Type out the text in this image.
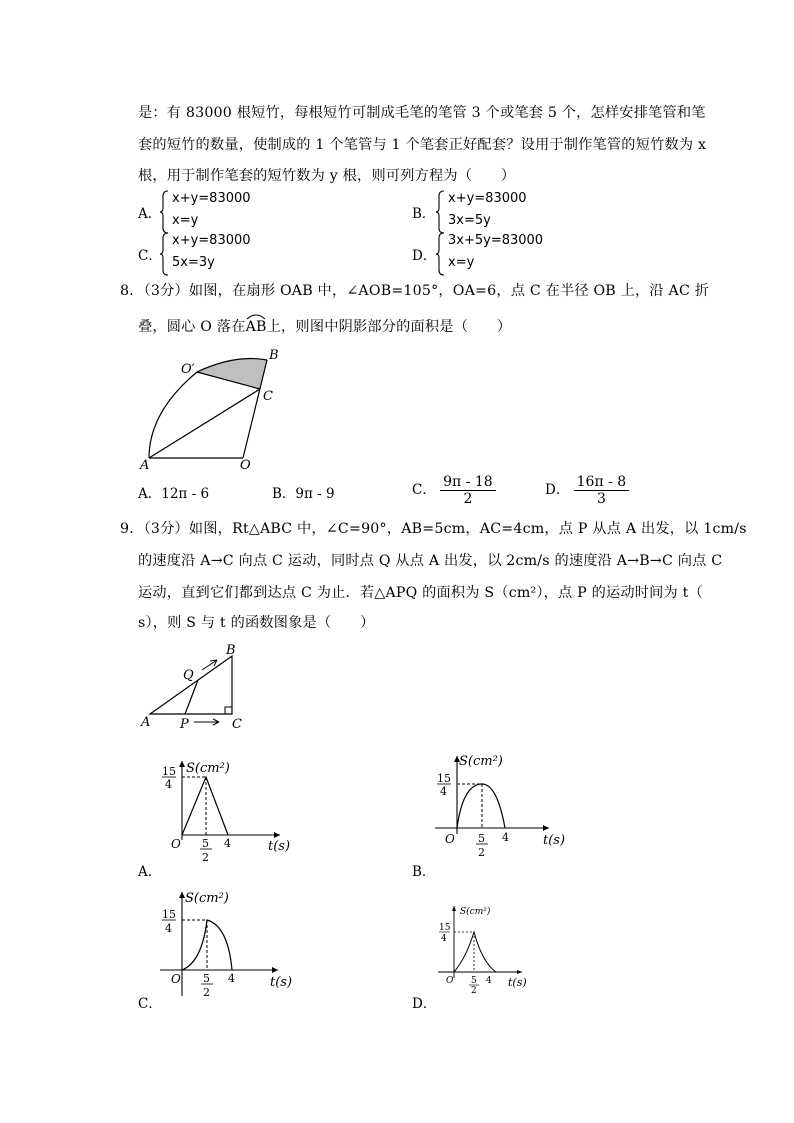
是：有 83000 根短竹，每根短竹可制成毛笔的笔管 3 个或笔套 5 个，怎样安排笔管和笔
套的短竹的数量，使制成的 1 个笔管与 1 个笔套正好配套？设用于制作笔管的短竹数为 x
根，用于制作笔套的短竹数为 y 根，则可列方程为（　　）
A．
x+y=83000
x=y	B．
x+y=83000
3x=5y
C．
x+y=83000
5x=3y	D．
3x+5y=83000
x=y
8．（3分）如图，在扇形 OAB 中，∠AOB=105°，OA=6，点 C 在半径 OB 上，沿 AC 折
叠，圆心 O 落在
AB上，则图中阴影部分的面积是（　　）
O′
B
C
A	O
A．12π - 6	B．9π - 9	C． $\frac{9\pi - 18}{2}$	D． $\frac{16\pi - 8}{3}$
9．（3分）如图，Rt△ABC 中，∠C=90°，AB=5cm，AC=4cm，点 P 从点 A 出发，以 1cm/s
的速度沿 A→C 向点 C 运动，同时点 Q 从点 A 出发，以 2cm/s 的速度沿 A→B→C 向点 C
运动，直到它们都到达点 C 为止．若△APQ 的面积为 S（cm²），点 P 的运动时间为 t（
s），则 S 与 t 的函数图象是（　　）
Q
B
A P	C
S(cm²)
15
4
O 5
2
4	t(s)
A．
S(cm²)
15
4
O 5
2
4	t(s)
B．
S(cm²)
15
4
O 5
2
4	t(s)
C．
S(cm²)
15
4
O 5
2
4 t(s)
D．
